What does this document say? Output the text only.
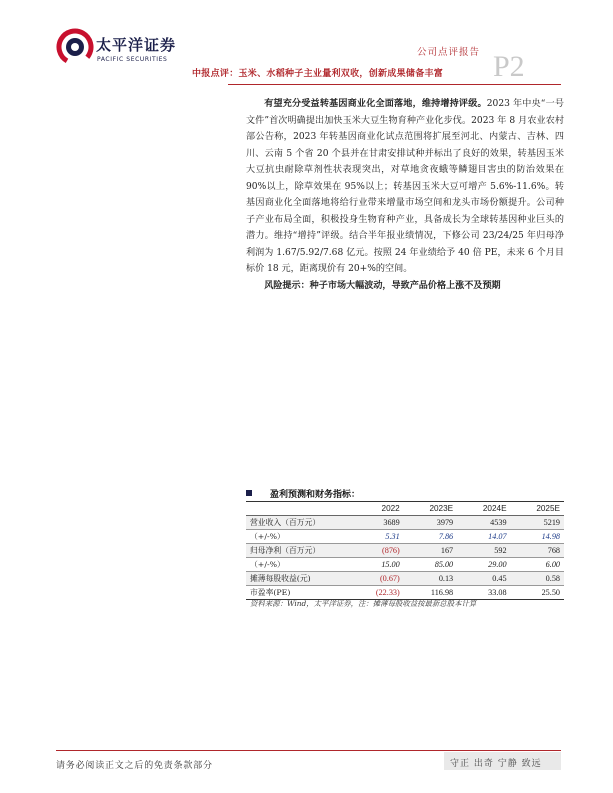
太平洋证券
PACIFIC SECURITIES
公司点评报告
中报点评：玉米、水稻种子主业量利双收，创新成果储备丰富 P2

有望充分受益转基因商业化全面落地，维持增持评级。2023 年中央“一号文件”首次明确提出加快玉米大豆生物育种产业化步伐。2023 年 8 月农业农村部公告称，2023 年转基因商业化试点范围将扩展至河北、内蒙古、吉林、四川、云南 5 个省 20 个县并在甘肃安排试种并标出了良好的效果，转基因玉米大豆抗虫耐除草剂性状表现突出，对草地贪夜蛾等鳞翅目害虫的防治效果在 90%以上，除草效果在 95%以上；转基因玉米大豆可增产 5.6%-11.6%。转基因商业化全面落地将给行业带来增量市场空间和龙头市场份额提升。公司种子产业布局全面，积极投身生物育种产业，具备成长为全球转基因种业巨头的潜力。维持“增持”评级。结合半年报业绩情况，下修公司 23/24/25 年归母净利润为 1.67/5.92/7.68 亿元。按照 24 年业绩给予 40 倍 PE，未来 6 个月目标价 18 元，距离现价有 20+%的空间。

风险提示：种子市场大幅波动，导致产品价格上涨不及预期

盈利预测和财务指标：
	2022	2023E	2024E	2025E
营业收入（百万元）	3689	3979	4539	5219
（+/-%）	5.31	7.86	14.07	14.98
归母净利（百万元）	(876)	167	592	768
（+/-%）	15.00	85.00	29.00	6.00
摊薄每股收益(元)	(0.67)	0.13	0.45	0.58
市盈率(PE)	(22.33)	116.98	33.08	25.50
资料来源：Wind，太平洋证券，注：摊薄每股收益按最新总股本计算
请务必阅读正文之后的免责条款部分	守正 出奇 宁静 致远
